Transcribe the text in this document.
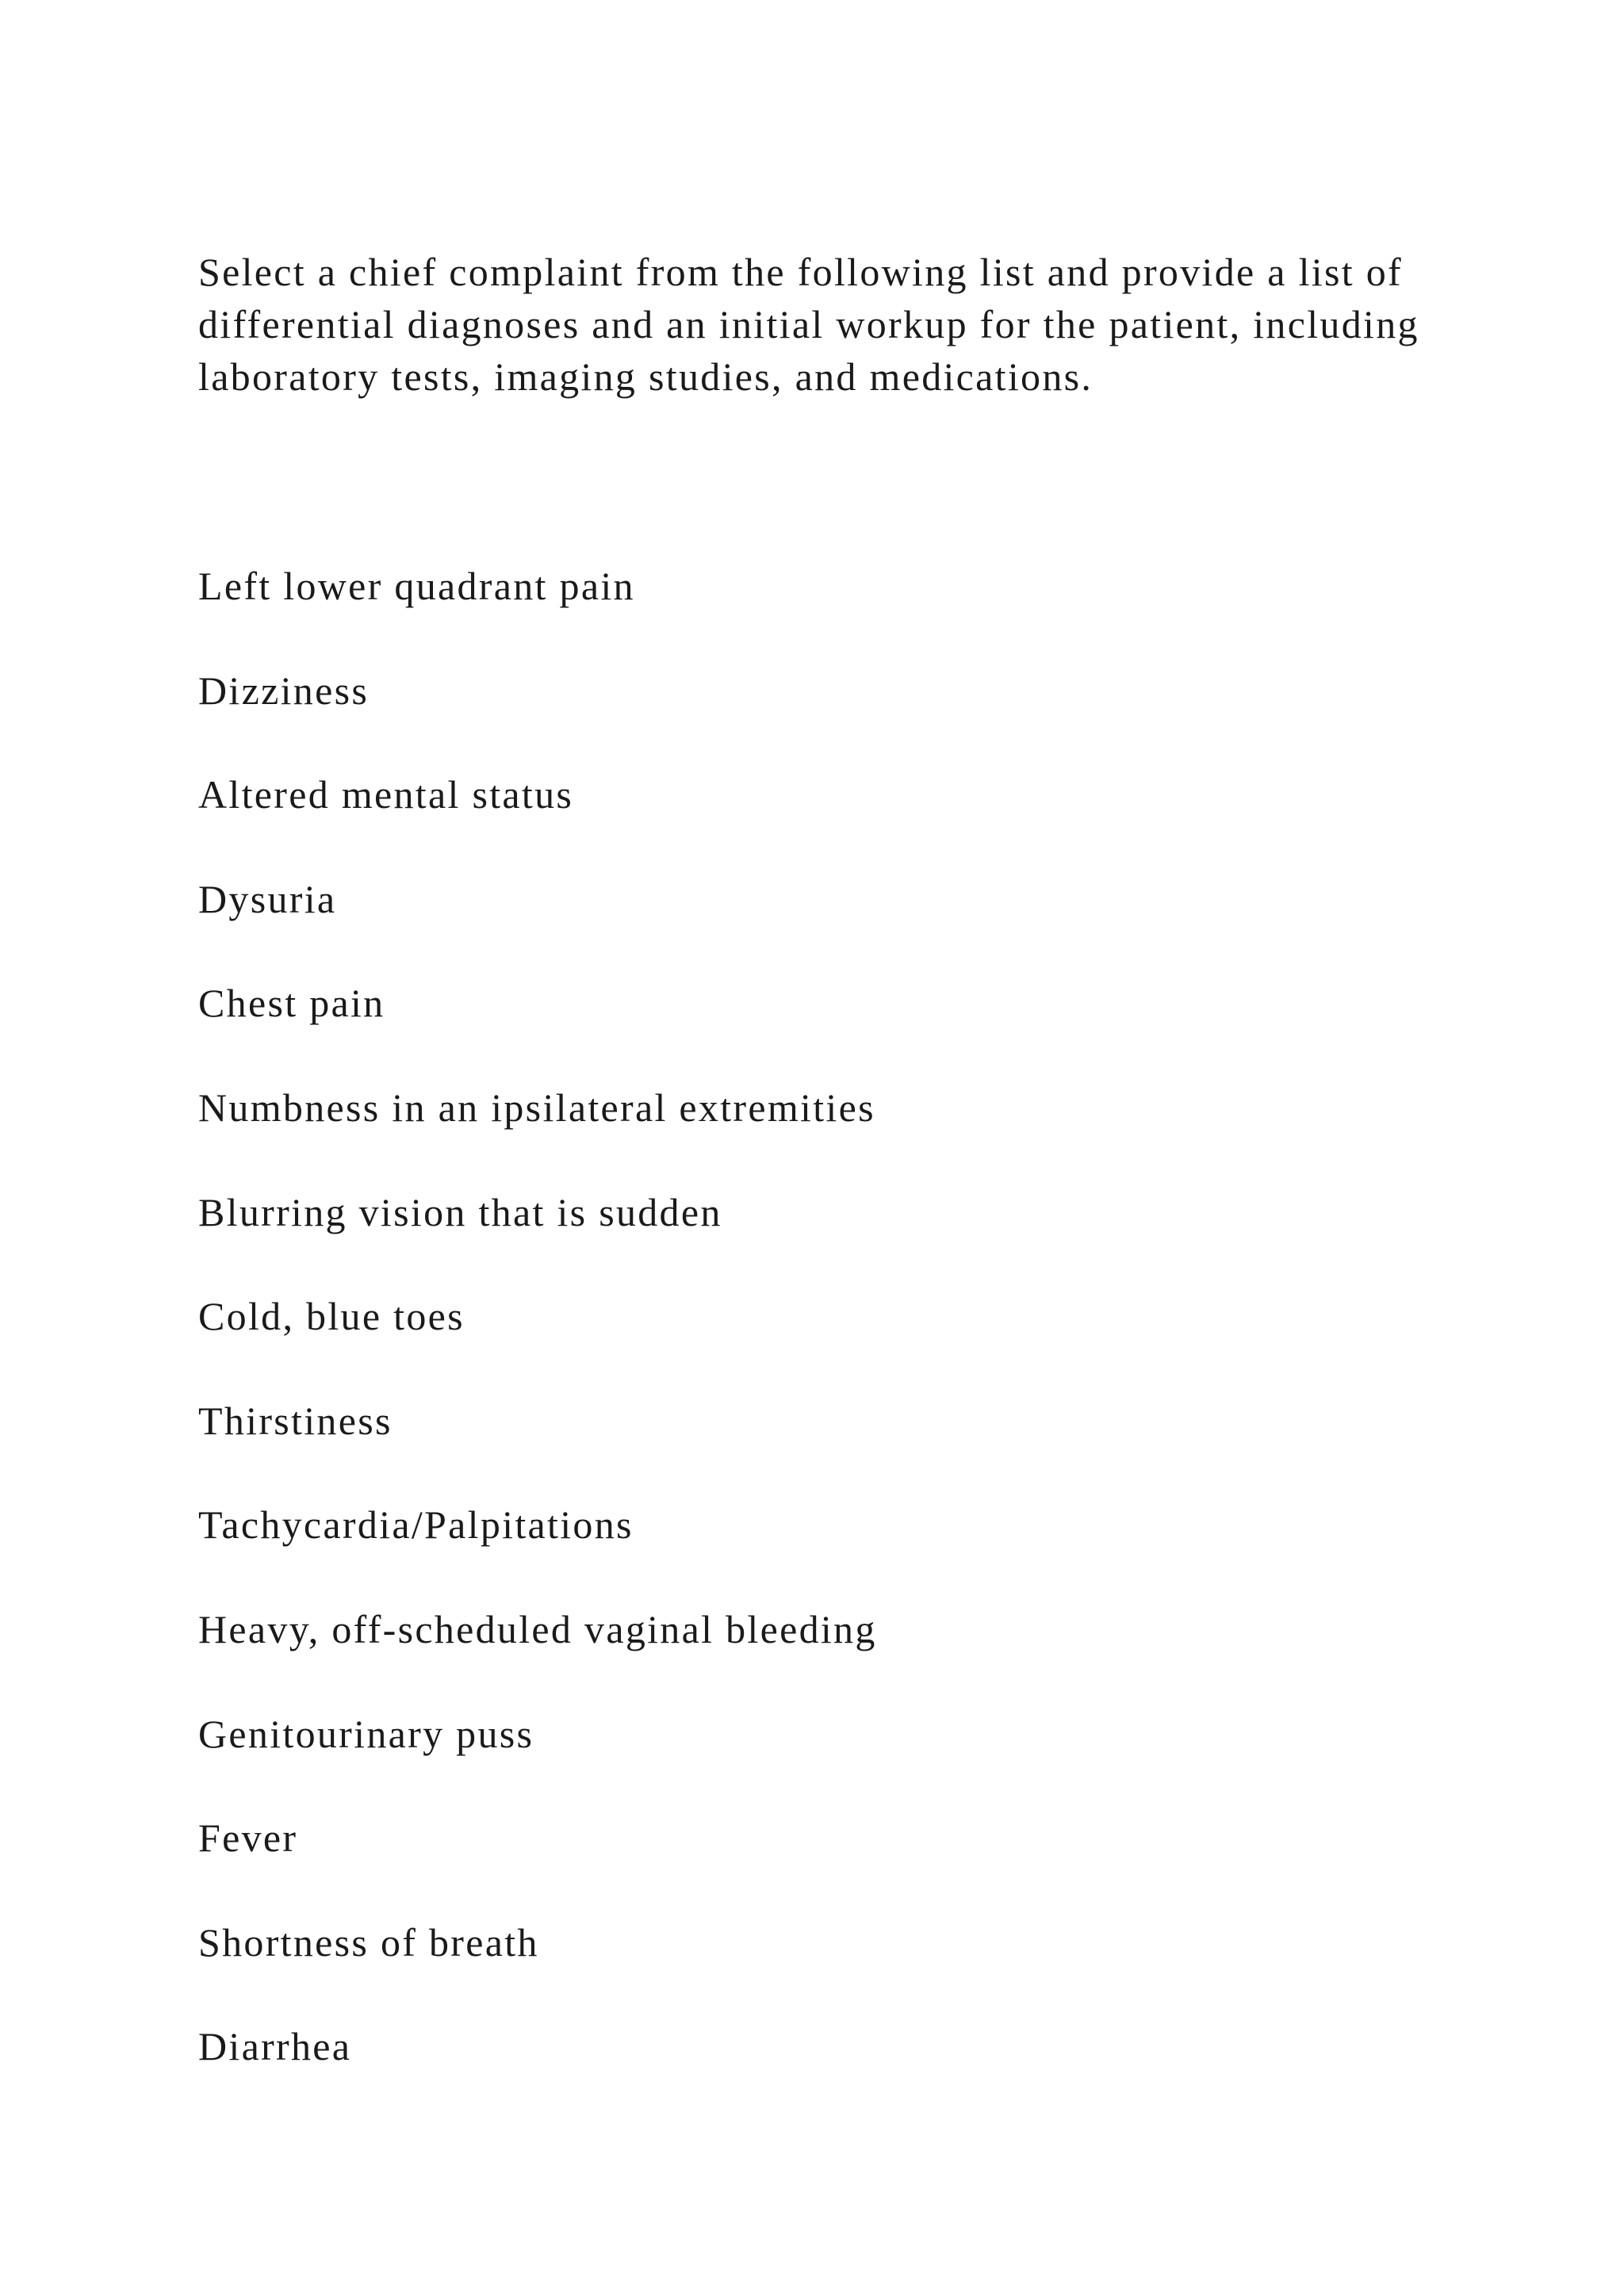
Select a chief complaint from the following list and provide a list of differential diagnoses and an initial workup for the patient, including laboratory tests, imaging studies, and medications.

Left lower quadrant pain
Dizziness
Altered mental status
Dysuria
Chest pain
Numbness in an ipsilateral extremities
Blurring vision that is sudden
Cold, blue toes
Thirstiness
Tachycardia/Palpitations
Heavy, off-scheduled vaginal bleeding
Genitourinary puss
Fever
Shortness of breath
Diarrhea
